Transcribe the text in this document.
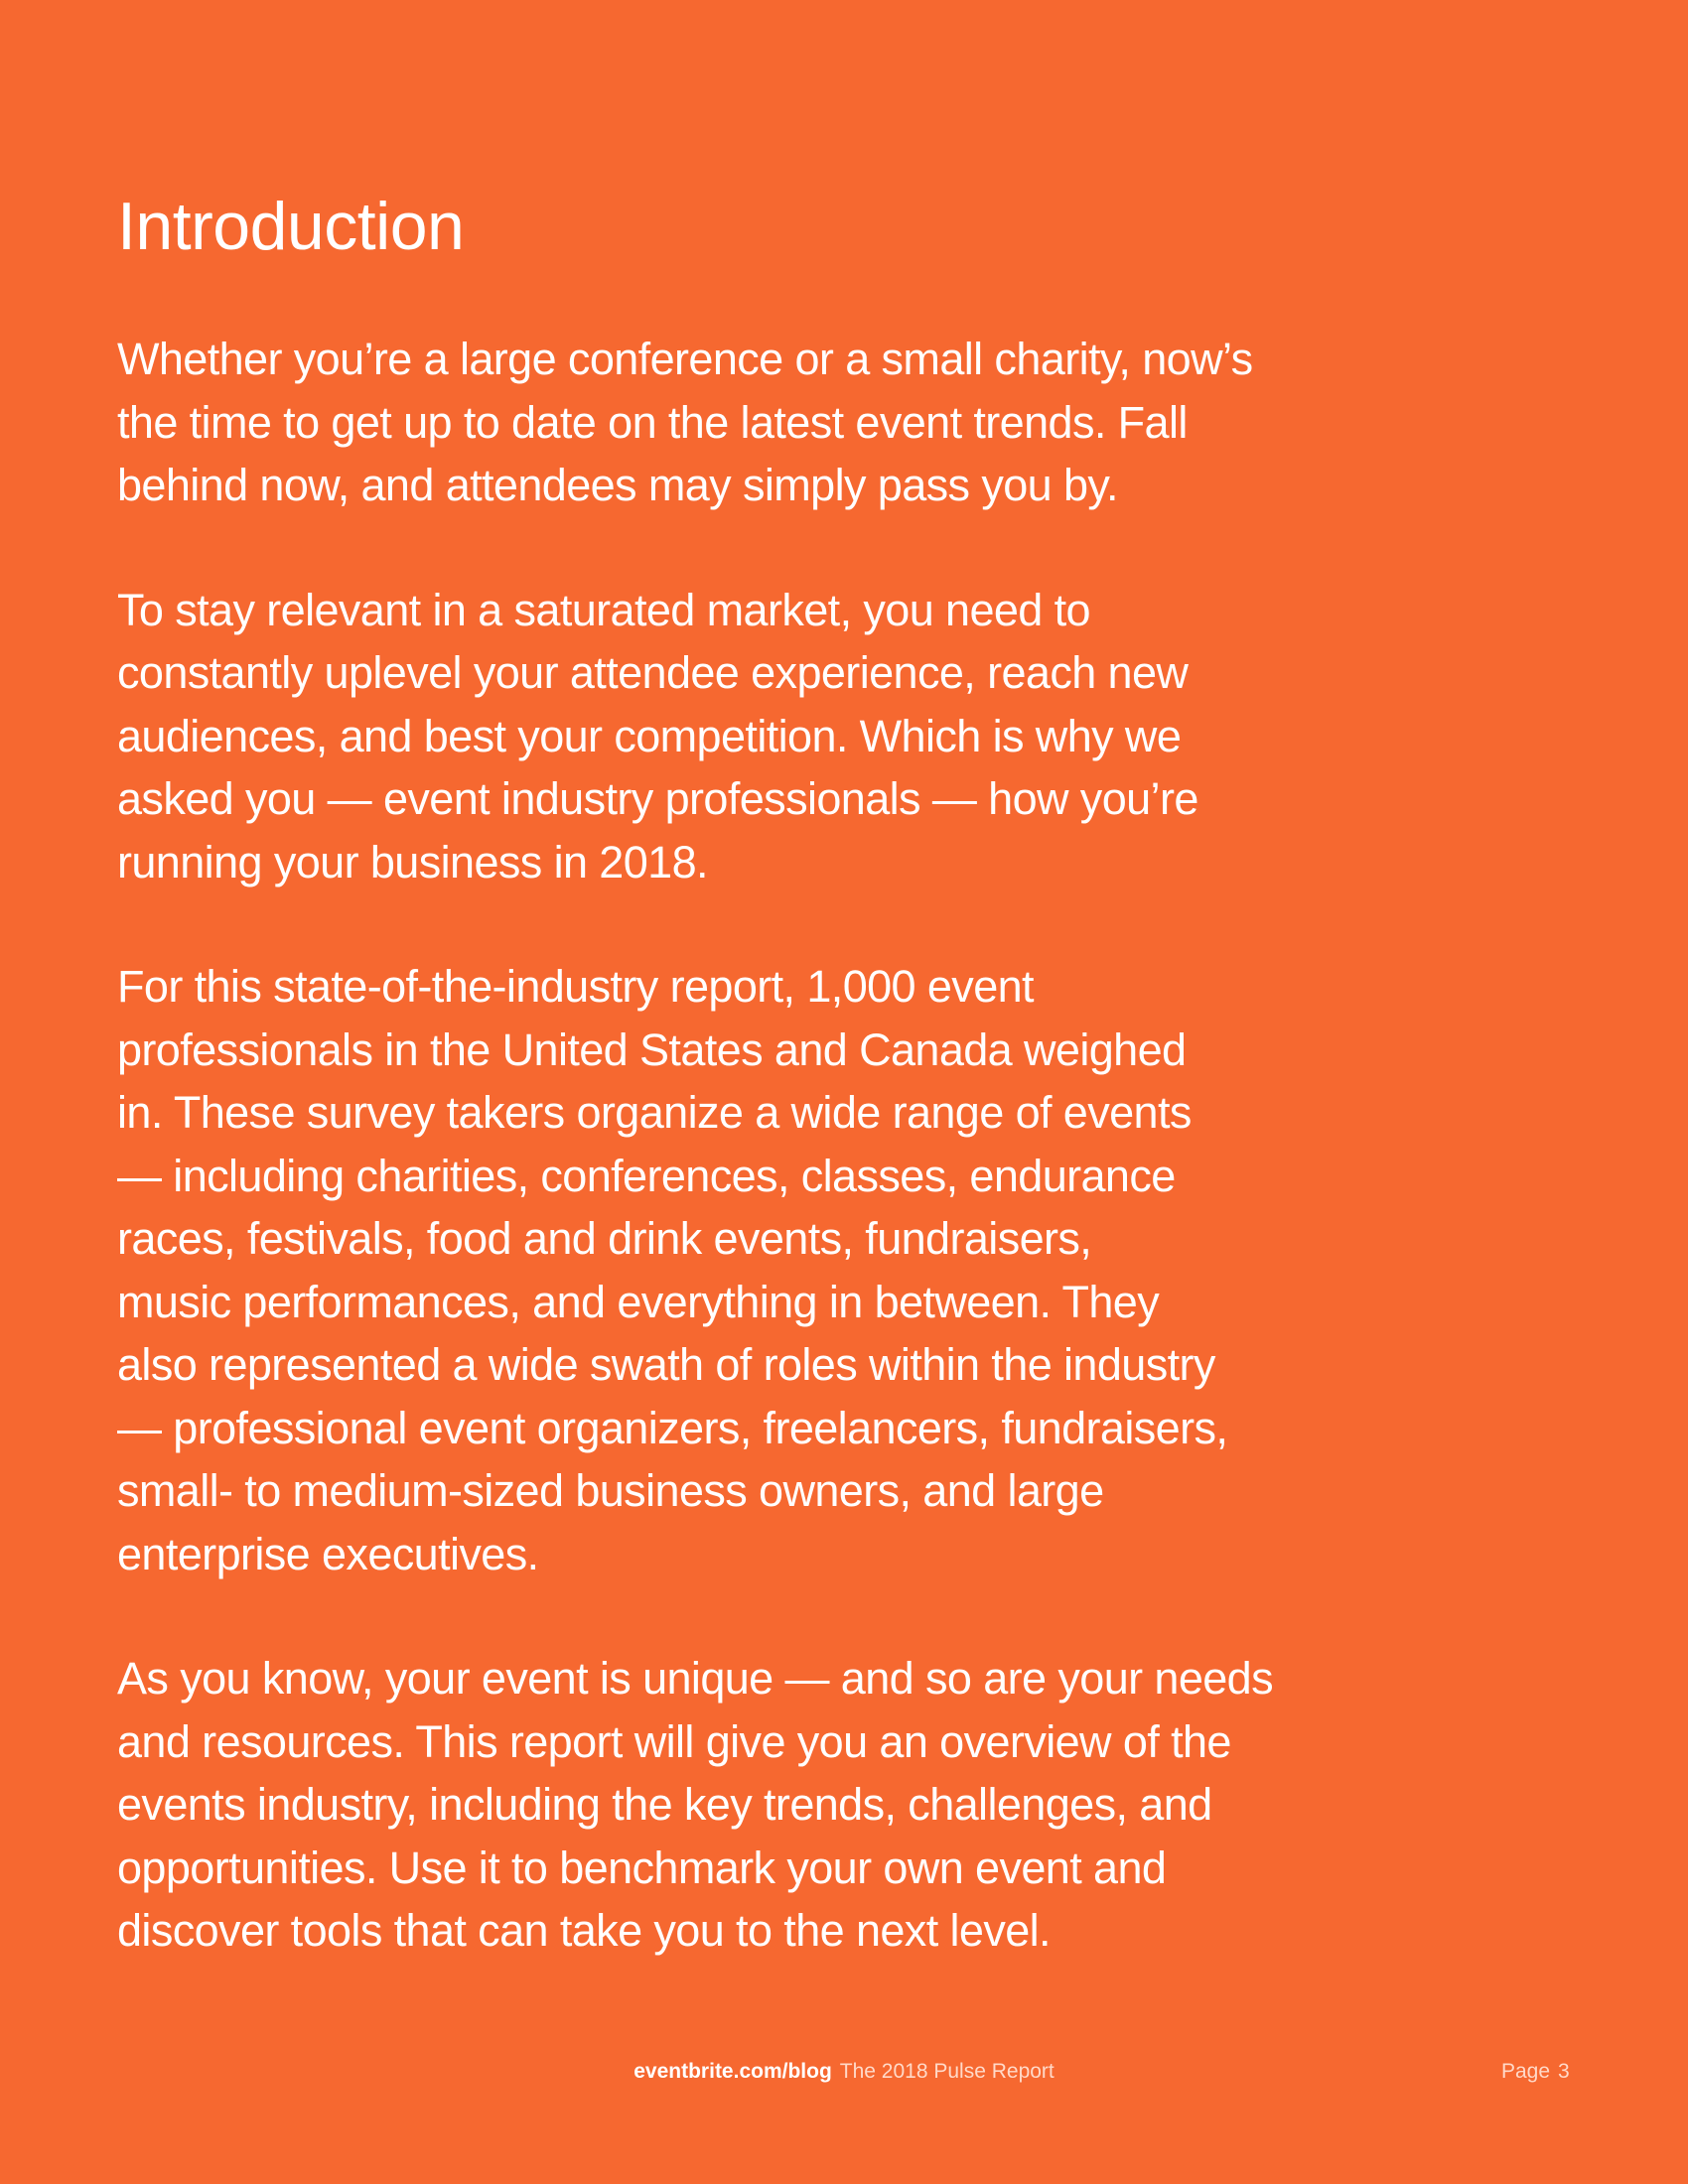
Introduction

Whether you’re a large conference or a small charity, now’s
the time to get up to date on the latest event trends. Fall
behind now, and attendees may simply pass you by.

To stay relevant in a saturated market, you need to
constantly uplevel your attendee experience, reach new
audiences, and best your competition. Which is why we
asked you — event industry professionals — how you’re
running your business in 2018.

For this state-of-the-industry report, 1,000 event
professionals in the United States and Canada weighed
in. These survey takers organize a wide range of events
— including charities, conferences, classes, endurance
races, festivals, food and drink events, fundraisers,
music performances, and everything in between. They
also represented a wide swath of roles within the industry
— professional event organizers, freelancers, fundraisers,
small- to medium-sized business owners, and large
enterprise executives.

As you know, your event is unique — and so are your needs
and resources. This report will give you an overview of the
events industry, including the key trends, challenges, and
opportunities. Use it to benchmark your own event and
discover tools that can take you to the next level.

eventbrite.com/blog The 2018 Pulse Report	Page 3
